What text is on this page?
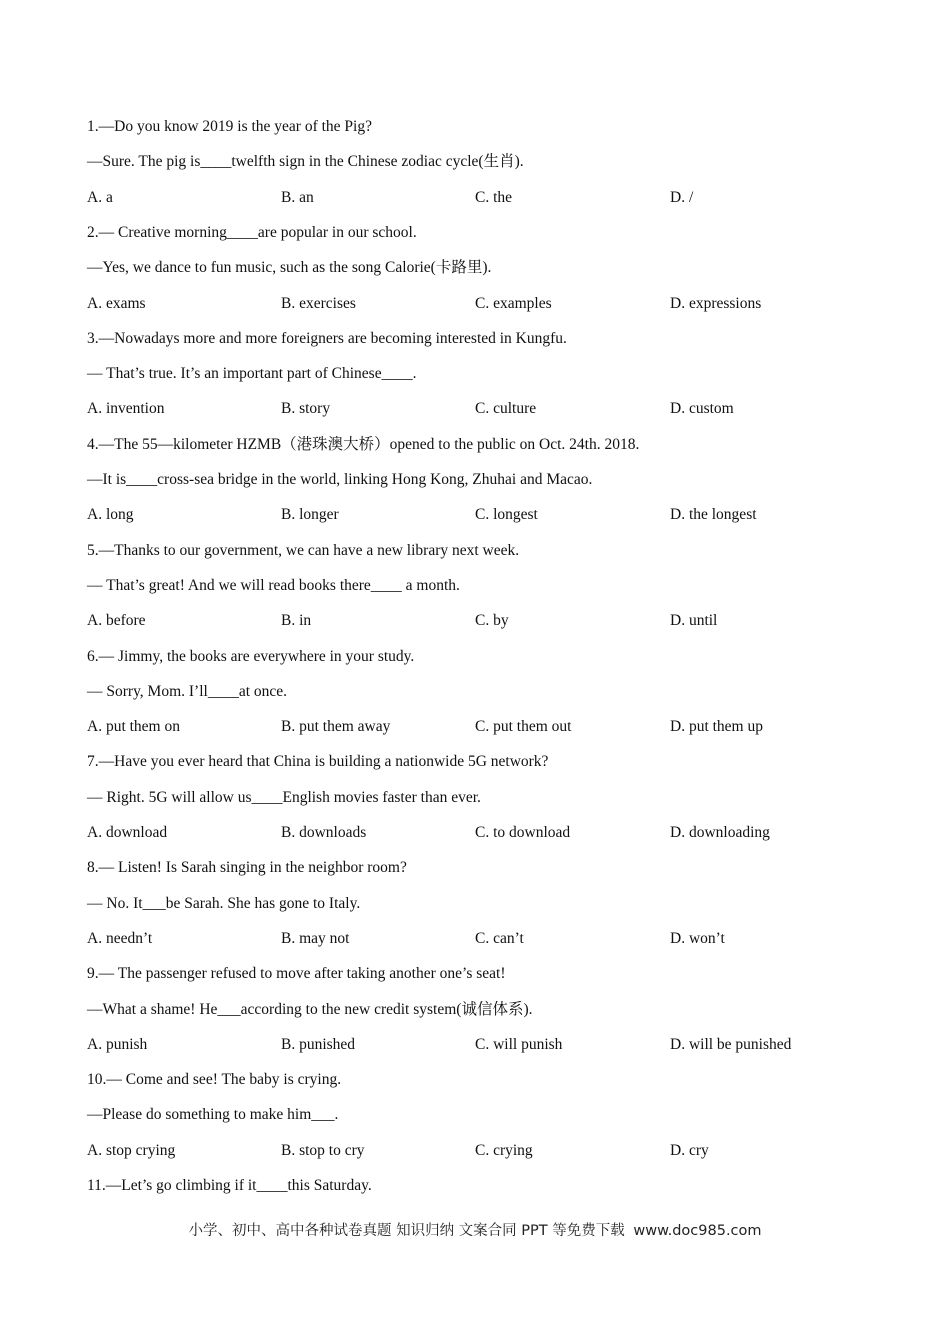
1.—Do you know 2019 is the year of the Pig?
—Sure. The pig is____twelfth sign in the Chinese zodiac cycle(生肖).
A. a	B. an	C. the	D. /
2.— Creative morning____are popular in our school.
—Yes, we dance to fun music, such as the song Calorie(卡路里).
A. exams	B. exercises	C. examples	D. expressions
3.—Nowadays more and more foreigners are becoming interested in Kungfu.
— That’s true. It’s an important part of Chinese____.
A. invention	B. story	C. culture	D. custom
4.—The 55—kilometer HZMB（港珠澳大桥）opened to the public on Oct. 24th. 2018.
—It is____cross-sea bridge in the world, linking Hong Kong, Zhuhai and Macao.
A. long	B. longer	C. longest	D. the longest
5.—Thanks to our government, we can have a new library next week.
— That’s great! And we will read books there____ a month.
A. before	B. in	C. by	D. until
6.— Jimmy, the books are everywhere in your study.
— Sorry, Mom. I’ll____at once.
A. put them on	B. put them away	C. put them out	D. put them up
7.—Have you ever heard that China is building a nationwide 5G network?
— Right. 5G will allow us____English movies faster than ever.
A. download	B. downloads	C. to download	D. downloading
8.— Listen! Is Sarah singing in the neighbor room?
— No. It___be Sarah. She has gone to Italy.
A. needn’t	B. may not	C. can’t	D. won’t
9.— The passenger refused to move after taking another one’s seat!
—What a shame! He___according to the new credit system(诚信体系).
A. punish	B. punished	C. will punish	D. will be punished
10.— Come and see! The baby is crying.
—Please do something to make him___.
A. stop crying	B. stop to cry	C. crying	D. cry
11.—Let’s go climbing if it____this Saturday.
小学、初中、高中各种试卷真题 知识归纳 文案合同 PPT 等免费下载 www.doc985.com
